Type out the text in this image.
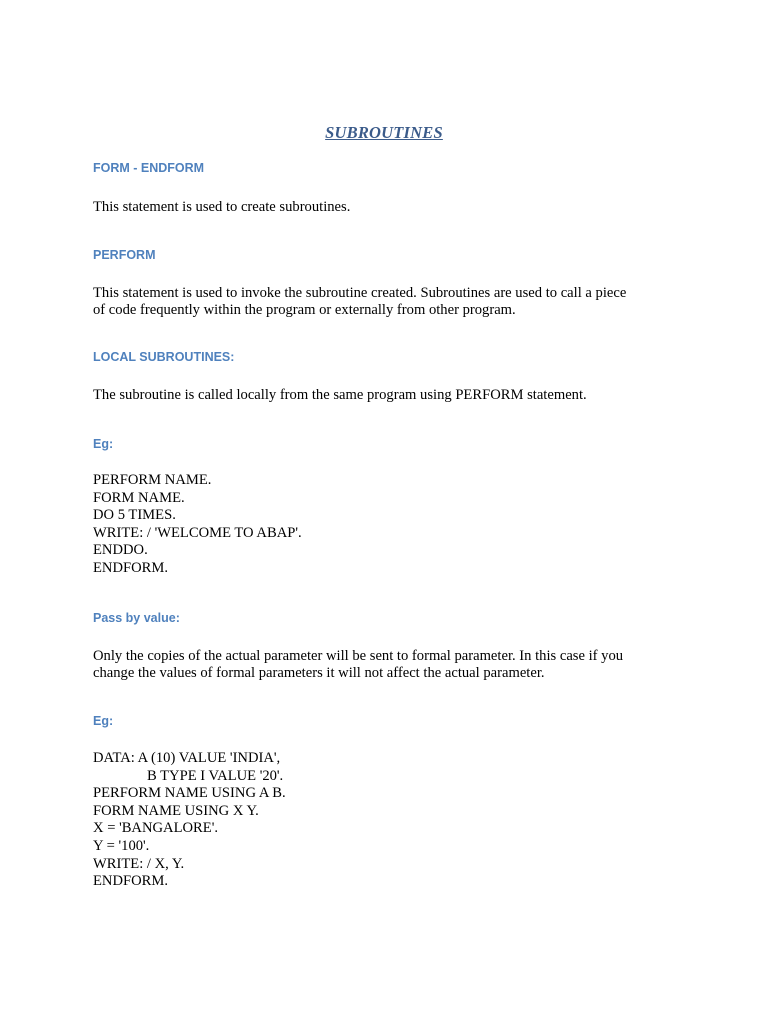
SUBROUTINES
FORM - ENDFORM
This statement is used to create subroutines.
PERFORM
This statement is used to invoke the subroutine created. Subroutines are used to call a piece
of code frequently within the program or externally from other program.
LOCAL SUBROUTINES:
The subroutine is called locally from the same program using PERFORM statement.
Eg:
PERFORM NAME.
FORM NAME.
DO 5 TIMES.
WRITE: / 'WELCOME TO ABAP'.
ENDDO.
ENDFORM.
Pass by value:
Only the copies of the actual parameter will be sent to formal parameter. In this case if you
change the values of formal parameters it will not affect the actual parameter.
Eg:
DATA: A (10) VALUE 'INDIA',
B TYPE I VALUE '20'.
PERFORM NAME USING A B.
FORM NAME USING X Y.
X = 'BANGALORE'.
Y = '100'.
WRITE: / X, Y.
ENDFORM.
